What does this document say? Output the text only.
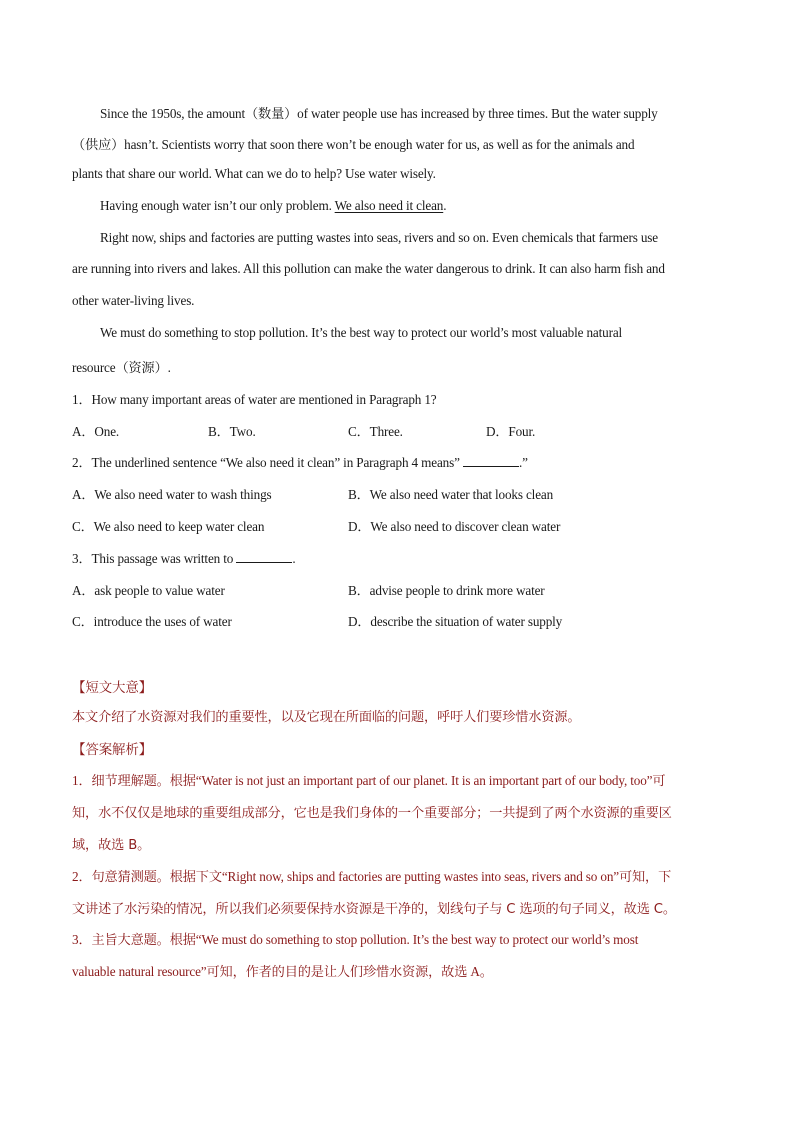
Since the 1950s, the amount（数量）of water people use has increased by three times. But the water supply
（供应）hasn’t. Scientists worry that soon there won’t be enough water for us, as well as for the animals and
plants that share our world. What can we do to help? Use water wisely.
Having enough water isn’t our only problem. We also need it clean.
Right now, ships and factories are putting wastes into seas, rivers and so on. Even chemicals that farmers use
are running into rivers and lakes. All this pollution can make the water dangerous to drink. It can also harm fish and
other water-living lives.
We must do something to stop pollution. It’s the best way to protect our world’s most valuable natural
resource（资源）.
1．How many important areas of water are mentioned in Paragraph 1?
A．One.	B．Two.	C．Three.	D．Four.
2．The underlined sentence “We also need it clean” in Paragraph 4 means”	.”
A．We also need water to wash things	B．We also need water that looks clean
C．We also need to keep water clean	D．We also need to discover clean water
3．This passage was written to	.
A．ask people to value water	B．advise people to drink more water
C．introduce the uses of water	D．describe the situation of water supply
【短文大意】
本文介绍了水资源对我们的重要性，以及它现在所面临的问题，呼吁人们要珍惜水资源。
【答案解析】
1．细节理解题。根据“Water is not just an important part of our planet. It is an important part of our body, too”可
知，水不仅仅是地球的重要组成部分，它也是我们身体的一个重要部分；一共提到了两个水资源的重要区
域，故选 B。
2．句意猜测题。根据下文“Right now, ships and factories are putting wastes into seas, rivers and so on”可知，下
文讲述了水污染的情况，所以我们必须要保持水资源是干净的，划线句子与 C 选项的句子同义，故选 C。
3．主旨大意题。根据“We must do something to stop pollution. It’s the best way to protect our world’s most
valuable natural resource”可知，作者的目的是让人们珍惜水资源，故选 A。
